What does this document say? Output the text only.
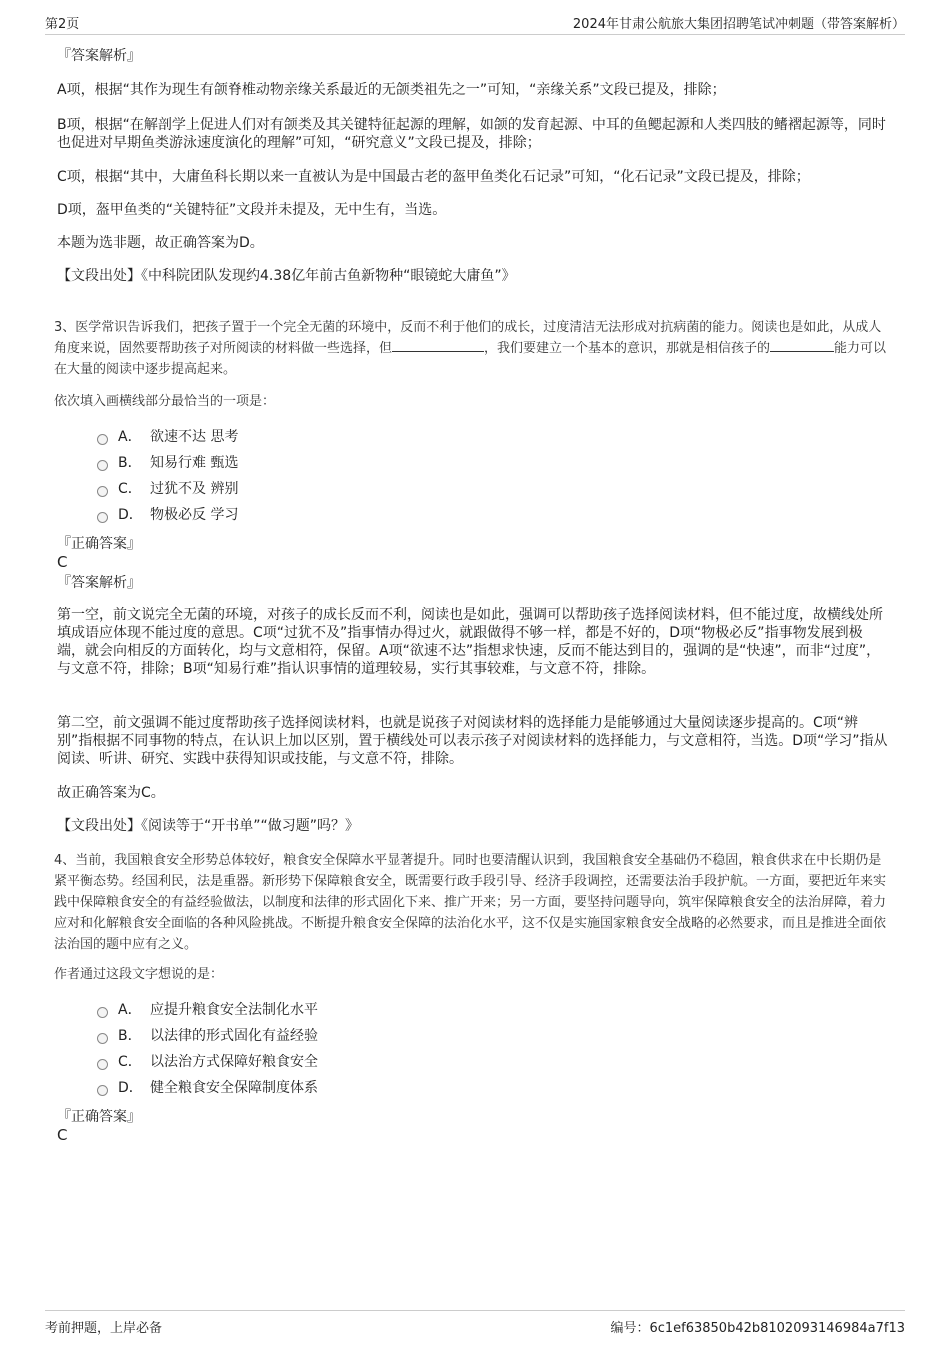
第2页	2024年甘肃公航旅大集团招聘笔试冲刺题（带答案解析）
『答案解析』
A项，根据“其作为现生有颌脊椎动物亲缘关系最近的无颌类祖先之一”可知，“亲缘关系”文段已提及，排除；
B项，根据“在解剖学上促进人们对有颌类及其关键特征起源的理解，如颌的发育起源、中耳的鱼鳃起源和人类四肢的鳍褶起源等，同时也促进对早期鱼类游泳速度演化的理解”可知，“研究意义”文段已提及，排除；
C项，根据“其中，大庸鱼科长期以来一直被认为是中国最古老的盔甲鱼类化石记录”可知，“化石记录”文段已提及，排除；
D项，盔甲鱼类的“关键特征”文段并未提及，无中生有，当选。
本题为选非题，故正确答案为D。
【文段出处】《中科院团队发现约4.38亿年前古鱼新物种“眼镜蛇大庸鱼”》
3、医学常识告诉我们，把孩子置于一个完全无菌的环境中，反而不利于他们的成长，过度清洁无法形成对抗病菌的能力。阅读也是如此，从成人角度来说，固然要帮助孩子对所阅读的材料做一些选择，但	，我们要建立一个基本的意识，那就是相信孩子的	能力可以在大量的阅读中逐步提高起来。
依次填入画横线部分最恰当的一项是：
A． 欲速不达 思考
B． 知易行难 甄选
C． 过犹不及 辨别
D． 物极必反 学习
『正确答案』
C
『答案解析』
第一空，前文说完全无菌的环境，对孩子的成长反而不利，阅读也是如此，强调可以帮助孩子选择阅读材料，但不能过度，故横线处所填成语应体现不能过度的意思。C项“过犹不及”指事情办得过火，就跟做得不够一样，都是不好的，D项“物极必反”指事物发展到极端，就会向相反的方面转化，均与文意相符，保留。A项“欲速不达”指想求快速，反而不能达到目的，强调的是“快速”，而非“过度”，与文意不符，排除；B项“知易行难”指认识事情的道理较易，实行其事较难，与文意不符，排除。
第二空，前文强调不能过度帮助孩子选择阅读材料，也就是说孩子对阅读材料的选择能力是能够通过大量阅读逐步提高的。C项“辨别”指根据不同事物的特点，在认识上加以区别，置于横线处可以表示孩子对阅读材料的选择能力，与文意相符，当选。D项“学习”指从阅读、听讲、研究、实践中获得知识或技能，与文意不符，排除。
故正确答案为C。
【文段出处】《阅读等于“开书单”“做习题”吗？》
4、当前，我国粮食安全形势总体较好，粮食安全保障水平显著提升。同时也要清醒认识到，我国粮食安全基础仍不稳固，粮食供求在中长期仍是紧平衡态势。经国利民，法是重器。新形势下保障粮食安全，既需要行政手段引导、经济手段调控，还需要法治手段护航。一方面，要把近年来实践中保障粮食安全的有益经验做法，以制度和法律的形式固化下来、推广开来；另一方面，要坚持问题导向，筑牢保障粮食安全的法治屏障，着力应对和化解粮食安全面临的各种风险挑战。不断提升粮食安全保障的法治化水平，这不仅是实施国家粮食安全战略的必然要求，而且是推进全面依法治国的题中应有之义。
作者通过这段文字想说的是：
A． 应提升粮食安全法制化水平
B． 以法律的形式固化有益经验
C． 以法治方式保障好粮食安全
D． 健全粮食安全保障制度体系
『正确答案』
C
考前押题，上岸必备	编号：6c1ef63850b42b8102093146984a7f13
